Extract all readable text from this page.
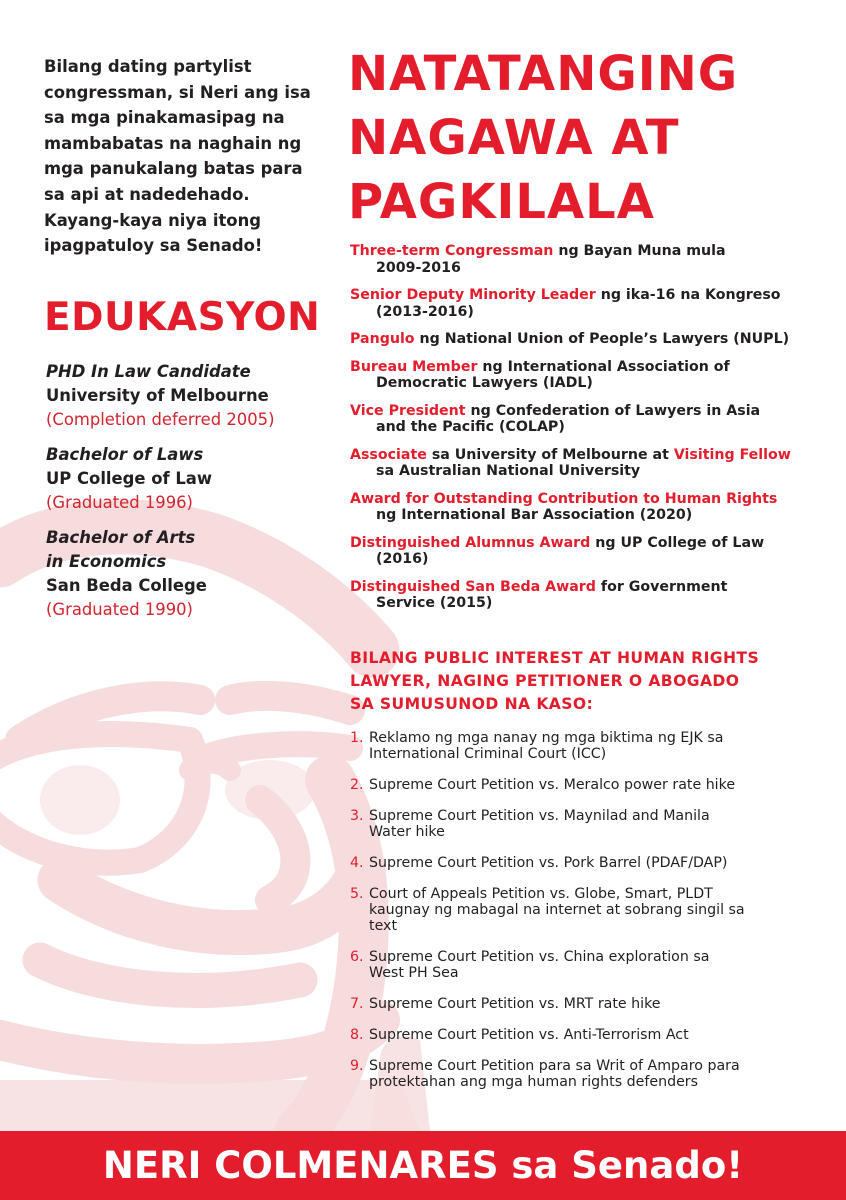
Bilang dating partylist
congressman, si Neri ang isa
sa mga pinakamasipag na
mambabatas na naghain ng
mga panukalang batas para
sa api at nadedehado.
Kayang-kaya niya itong
ipagpatuloy sa Senado!
EDUKASYON
PHD In Law Candidate
University of Melbourne
(Completion deferred 2005)
Bachelor of Laws
UP College of Law
(Graduated 1996)
Bachelor of Arts
in Economics
San Beda College
(Graduated 1990)
NATATANGING
NAGAWA AT
PAGKILALA
Three-term Congressman ng Bayan Muna mula
2009-2016
Senior Deputy Minority Leader ng ika-16 na Kongreso
(2013-2016)
Pangulo ng National Union of People’s Lawyers (NUPL)
Bureau Member ng International Association of
Democratic Lawyers (IADL)
Vice President ng Confederation of Lawyers in Asia
and the Pacific (COLAP)
Associate sa University of Melbourne at Visiting Fellow
sa Australian National University
Award for Outstanding Contribution to Human Rights
ng International Bar Association (2020)
Distinguished Alumnus Award ng UP College of Law
(2016)
Distinguished San Beda Award for Government
Service (2015)
BILANG PUBLIC INTEREST AT HUMAN RIGHTS
LAWYER, NAGING PETITIONER O ABOGADO
SA SUMUSUNOD NA KASO:
1. Reklamo ng mga nanay ng mga biktima ng EJK sa
International Criminal Court (ICC)
2. Supreme Court Petition vs. Meralco power rate hike
3. Supreme Court Petition vs. Maynilad and Manila
Water hike
4. Supreme Court Petition vs. Pork Barrel (PDAF/DAP)
5. Court of Appeals Petition vs. Globe, Smart, PLDT
kaugnay ng mabagal na internet at sobrang singil sa
text
6. Supreme Court Petition vs. China exploration sa
West PH Sea
7. Supreme Court Petition vs. MRT rate hike
8. Supreme Court Petition vs. Anti-Terrorism Act
9. Supreme Court Petition para sa Writ of Amparo para
protektahan ang mga human rights defenders
NERI COLMENARES sa Senado!
